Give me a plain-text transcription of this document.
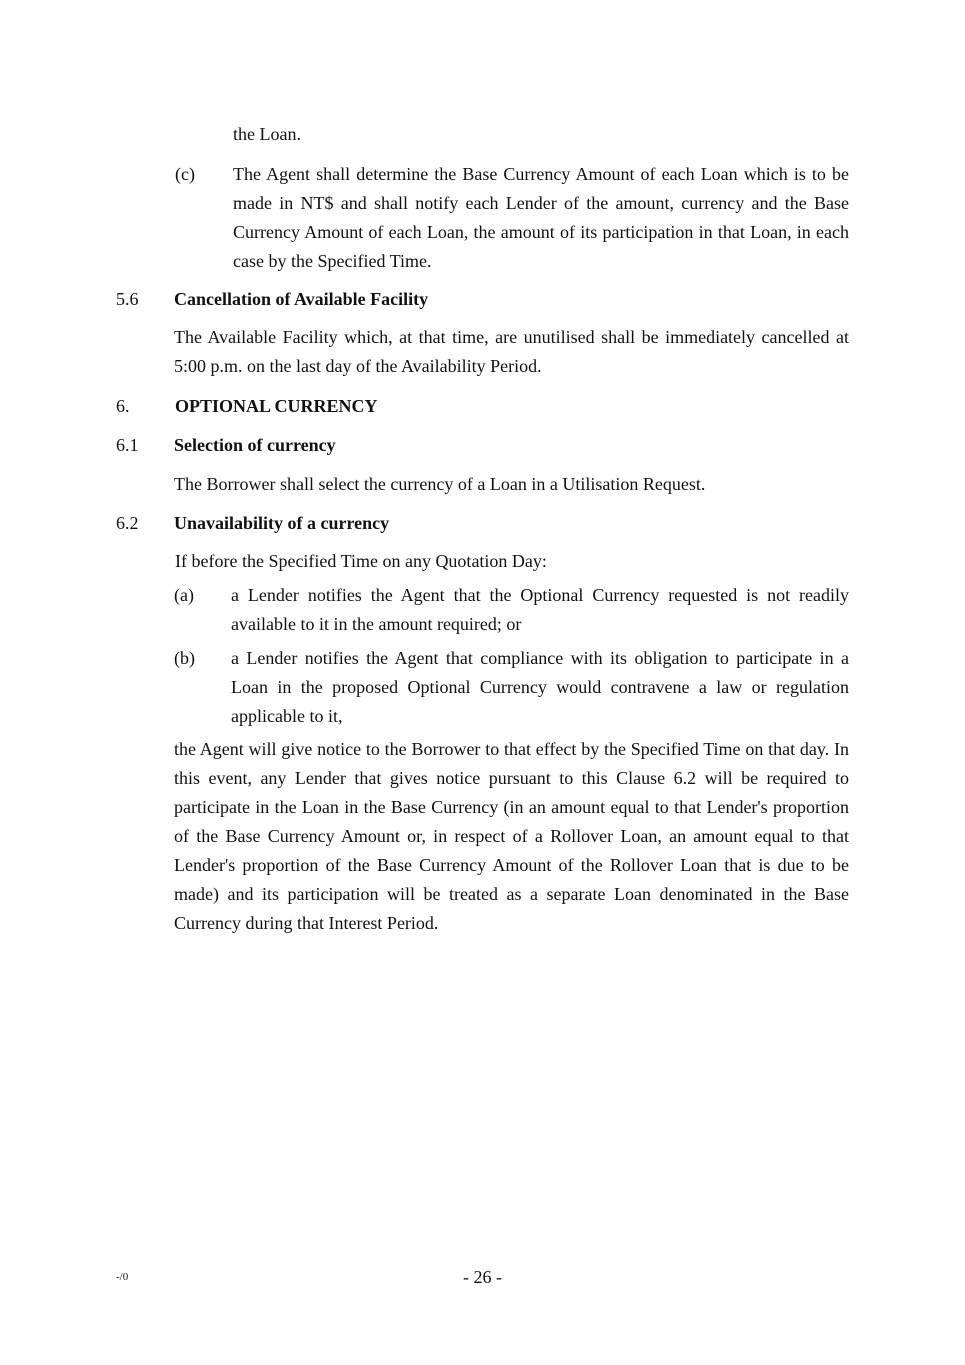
the Loan.

(c) The Agent shall determine the Base Currency Amount of each Loan which is to be made in NT$ and shall notify each Lender of the amount, currency and the Base Currency Amount of each Loan, the amount of its participation in that Loan, in each case by the Specified Time.

5.6 Cancellation of Available Facility

The Available Facility which, at that time, are unutilised shall be immediately cancelled at 5:00 p.m. on the last day of the Availability Period.

6.	OPTIONAL CURRENCY
6.1 Selection of currency

The Borrower shall select the currency of a Loan in a Utilisation Request.

6.2 Unavailability of a currency

If before the Specified Time on any Quotation Day:

(a) a Lender notifies the Agent that the Optional Currency requested is not readily available to it in the amount required; or

(b) a Lender notifies the Agent that compliance with its obligation to participate in a Loan in the proposed Optional Currency would contravene a law or regulation applicable to it,

the Agent will give notice to the Borrower to that effect by the Specified Time on that day. In this event, any Lender that gives notice pursuant to this Clause 6.2 will be required to participate in the Loan in the Base Currency (in an amount equal to that Lender's proportion of the Base Currency Amount or, in respect of a Rollover Loan, an amount equal to that Lender's proportion of the Base Currency Amount of the Rollover Loan that is due to be made) and its participation will be treated as a separate Loan denominated in the Base Currency during that Interest Period.

-/0	- 26 -
